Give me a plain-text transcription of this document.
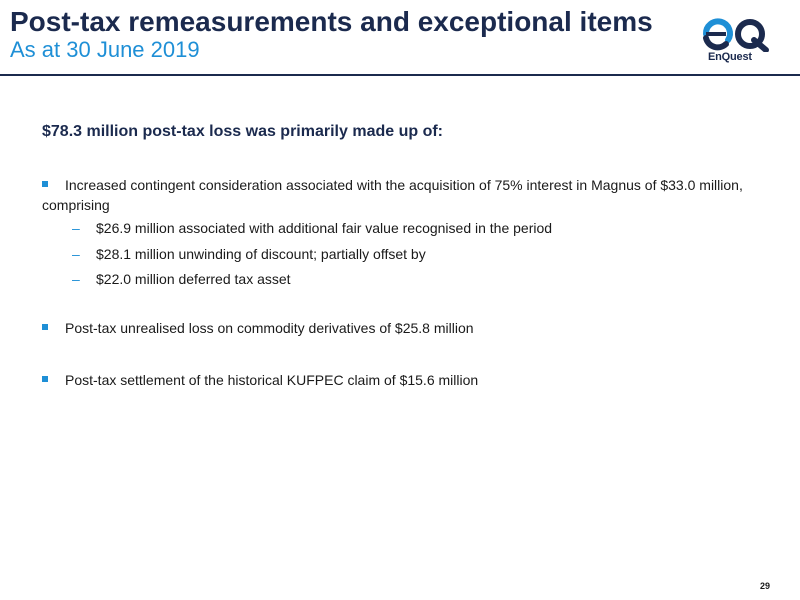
Post-tax remeasurements and exceptional items
As at 30 June 2019	EnQuest
$78.3 million post-tax loss was primarily made up of:
Increased contingent consideration associated with the acquisition of 75% interest in Magnus of $33.0 million, comprising
– $26.9 million associated with additional fair value recognised in the period
– $28.1 million unwinding of discount; partially offset by
– $22.0 million deferred tax asset
Post-tax unrealised loss on commodity derivatives of $25.8 million
Post-tax settlement of the historical KUFPEC claim of $15.6 million
29
